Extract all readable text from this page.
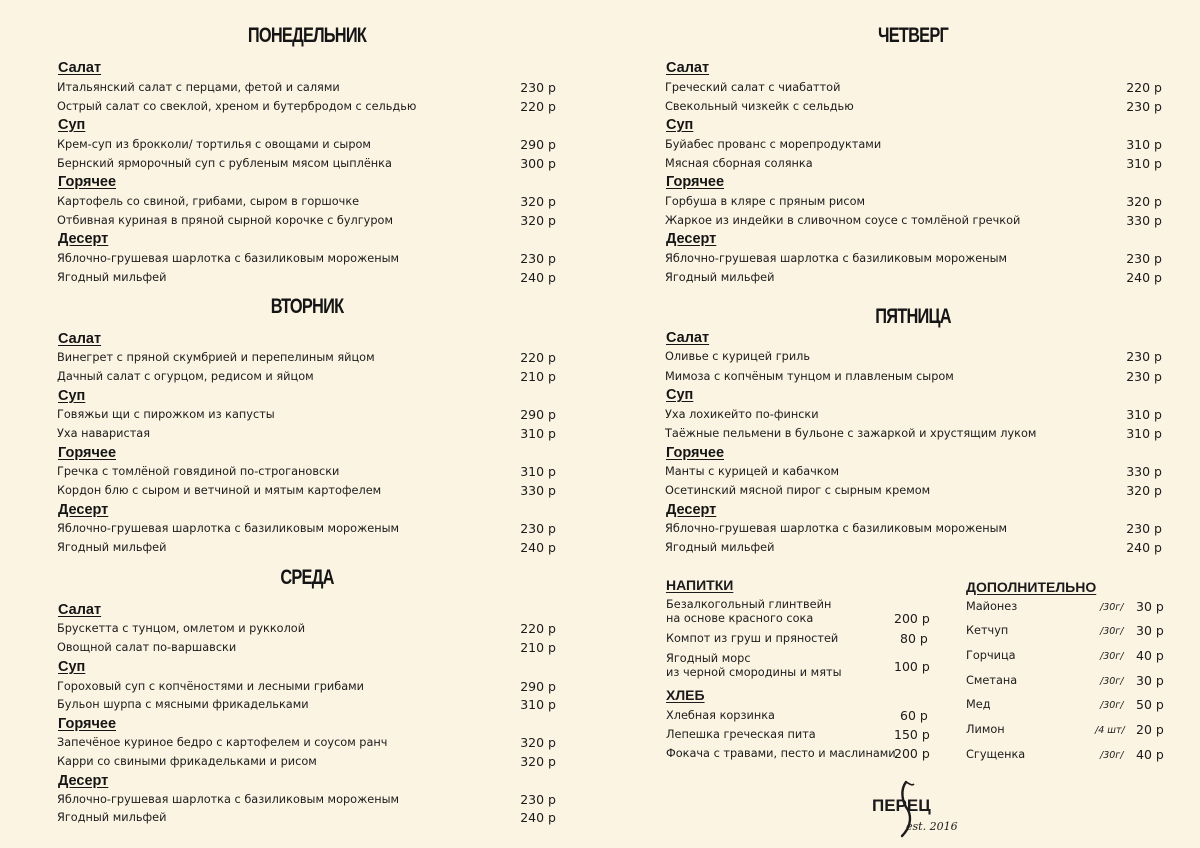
ПОНЕДЕЛЬНИК
Салат
Итальянский салат с перцами, фетой и салями	230 р
Острый салат со свеклой, хреном и бутербродом с сельдью	220 р
Суп
Крем-суп из брокколи/ тортилья с овощами и сыром	290 р
Бернский ярморочный суп с рубленым мясом цыплёнка	300 р
Горячее
Картофель со свиной, грибами, сыром в горшочке	320 р
Отбивная куриная в пряной сырной корочке с булгуром	320 р
Десерт
Яблочно-грушевая шарлотка с базиликовым мороженым	230 р
Ягодный мильфей	240 р
ВТОРНИК
Салат
Винегрет с пряной скумбрией и перепелиным яйцом	220 р
Дачный салат с огурцом, редисом и яйцом	210 р
Суп
Говяжьи щи с пирожком из капусты	290 р
Уха наваристая	310 р
Горячее
Гречка с томлёной говядиной по-строгановски	310 р
Кордон блю с сыром и ветчиной и мятым картофелем	330 р
Десерт
Яблочно-грушевая шарлотка с базиликовым мороженым	230 р
Ягодный мильфей	240 р
СРЕДА
Салат
Брускетта с тунцом, омлетом и рукколой	220 р
Овощной салат по-варшавски	210 р
Суп
Гороховый суп с копчёностями и лесными грибами	290 р
Бульон шурпа с мясными фрикадельками	310 р
Горячее
Запечёное куриное бедро с картофелем и соусом ранч	320 р
Карри со свиными фрикадельками и рисом	320 р
Десерт
Яблочно-грушевая шарлотка с базиликовым мороженым	230 р
Ягодный мильфей	240 р
ЧЕТВЕРГ
Салат
Греческий салат с чиабаттой	220 р
Свекольный чизкейк с сельдью	230 р
Суп
Буйабес прованс с морепродуктами	310 р
Мясная сборная солянка	310 р
Горячее
Горбуша в кляре с пряным рисом	320 р
Жаркое из индейки в сливочном соусе с томлёной гречкой	330 р
Десерт
Яблочно-грушевая шарлотка с базиликовым мороженым	230 р
Ягодный мильфей	240 р
ПЯТНИЦА
Салат
Оливье с курицей гриль	230 р
Мимоза с копчёным тунцом и плавленым сыром	230 р
Суп
Уха лохикейто по-фински	310 р
Таёжные пельмени в бульоне с зажаркой и хрустящим луком	310 р
Горячее
Манты с курицей и кабачком	330 р
Осетинский мясной пирог с сырным кремом	320 р
Десерт
Яблочно-грушевая шарлотка с базиликовым мороженым	230 р
Ягодный мильфей	240 р
НАПИТКИ
Безалкогольный глинтвейн
на основе красного сока	200 р
Компот из груш и пряностей	80 р
Ягодный морс
из черной смородины и мяты	100 р
ХЛЕБ
Хлебная корзинка	60 р
Лепешка греческая пита	150 р
Фокача с травами, песто и маслинами
200 р
ДОПОЛНИТЕЛЬНО
Майонез	/30г/ 30 р
Кетчуп	/30г/ 30 р
Горчица	/30г/ 40 р
Сметана	/30г/ 30 р
Мед	/30г/ 50 р
Лимон	/4 шт/ 20 р
Сгущенка	/30г/ 40 р
ПЕРЕЦ
est. 2016
